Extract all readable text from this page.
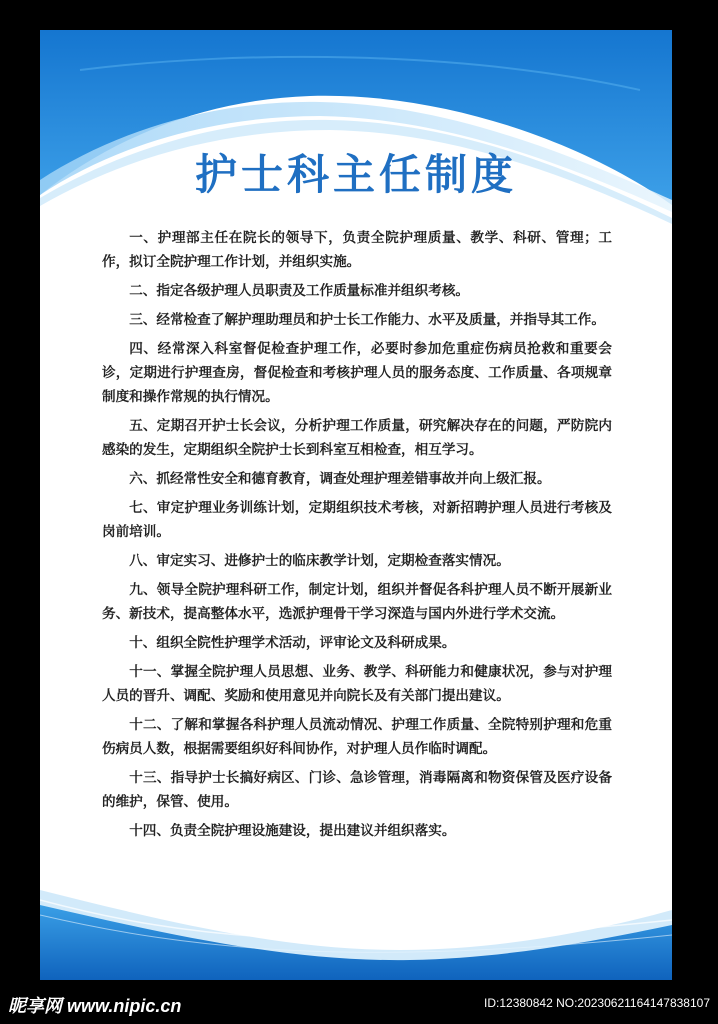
护士科主任制度

一、护理部主任在院长的领导下，负责全院护理质量、教学、科研、管理；工作，拟订全院护理工作计划，并组织实施。

二、指定各级护理人员职责及工作质量标准并组织考核。

三、经常检查了解护理助理员和护士长工作能力、水平及质量，并指导其工作。

四、经常深入科室督促检查护理工作，必要时参加危重症伤病员抢救和重要会诊，定期进行护理查房，督促检查和考核护理人员的服务态度、工作质量、各项规章制度和操作常规的执行情况。

五、定期召开护士长会议，分析护理工作质量，研究解决存在的问题，严防院内感染的发生，定期组织全院护士长到科室互相检查，相互学习。

六、抓经常性安全和德育教育，调查处理护理差错事故并向上级汇报。

七、审定护理业务训练计划，定期组织技术考核，对新招聘护理人员进行考核及岗前培训。

八、审定实习、进修护士的临床教学计划，定期检查落实情况。

九、领导全院护理科研工作，制定计划，组织并督促各科护理人员不断开展新业务、新技术，提高整体水平，选派护理骨干学习深造与国内外进行学术交流。

十、组织全院性护理学术活动，评审论文及科研成果。

十一、掌握全院护理人员思想、业务、教学、科研能力和健康状况，参与对护理人员的晋升、调配、奖励和使用意见并向院长及有关部门提出建议。

十二、了解和掌握各科护理人员流动情况、护理工作质量、全院特别护理和危重伤病员人数，根据需要组织好科间协作，对护理人员作临时调配。

十三、指导护士长搞好病区、门诊、急诊管理，消毒隔离和物资保管及医疗设备的维护，保管、使用。

十四、负责全院护理设施建设，提出建议并组织落实。

昵享网 www.nipic.cn	ID:12380842 NO:20230621164147838107
